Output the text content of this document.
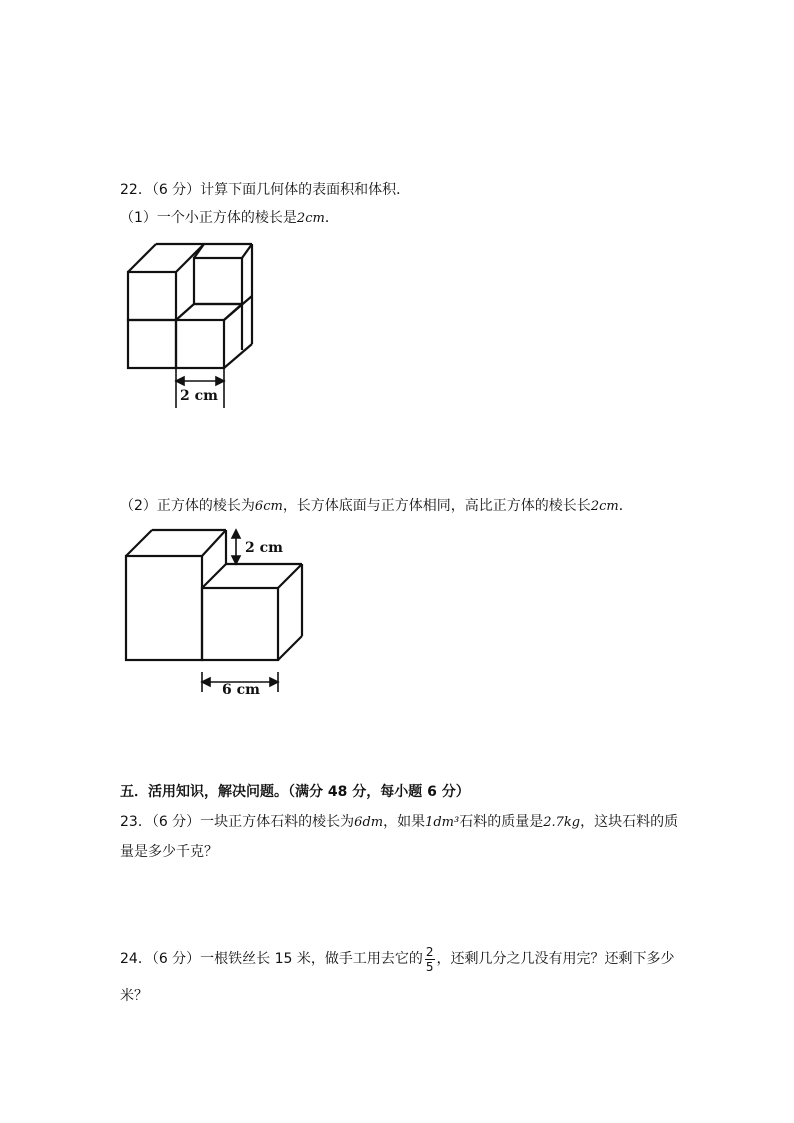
22．（6 分）计算下面几何体的表面积和体积．
（1）一个小正方体的棱长是2cm．
2 cm
（2）正方体的棱长为6cm，长方体底面与正方体相同，高比正方体的棱长长2cm．
2 cm
6 cm
五．活用知识，解决问题。（满分 48 分，每小题 6 分）
23．（6 分）一块正方体石料的棱长为6dm，如果1dm³石料的质量是2.7kg，这块石料的质
量是多少千克？
24．（6 分）一根铁丝长 15 米，做手工用去它的 $\frac{2}{5}$ ，还剩几分之几没有用完？还剩下多少
米？
